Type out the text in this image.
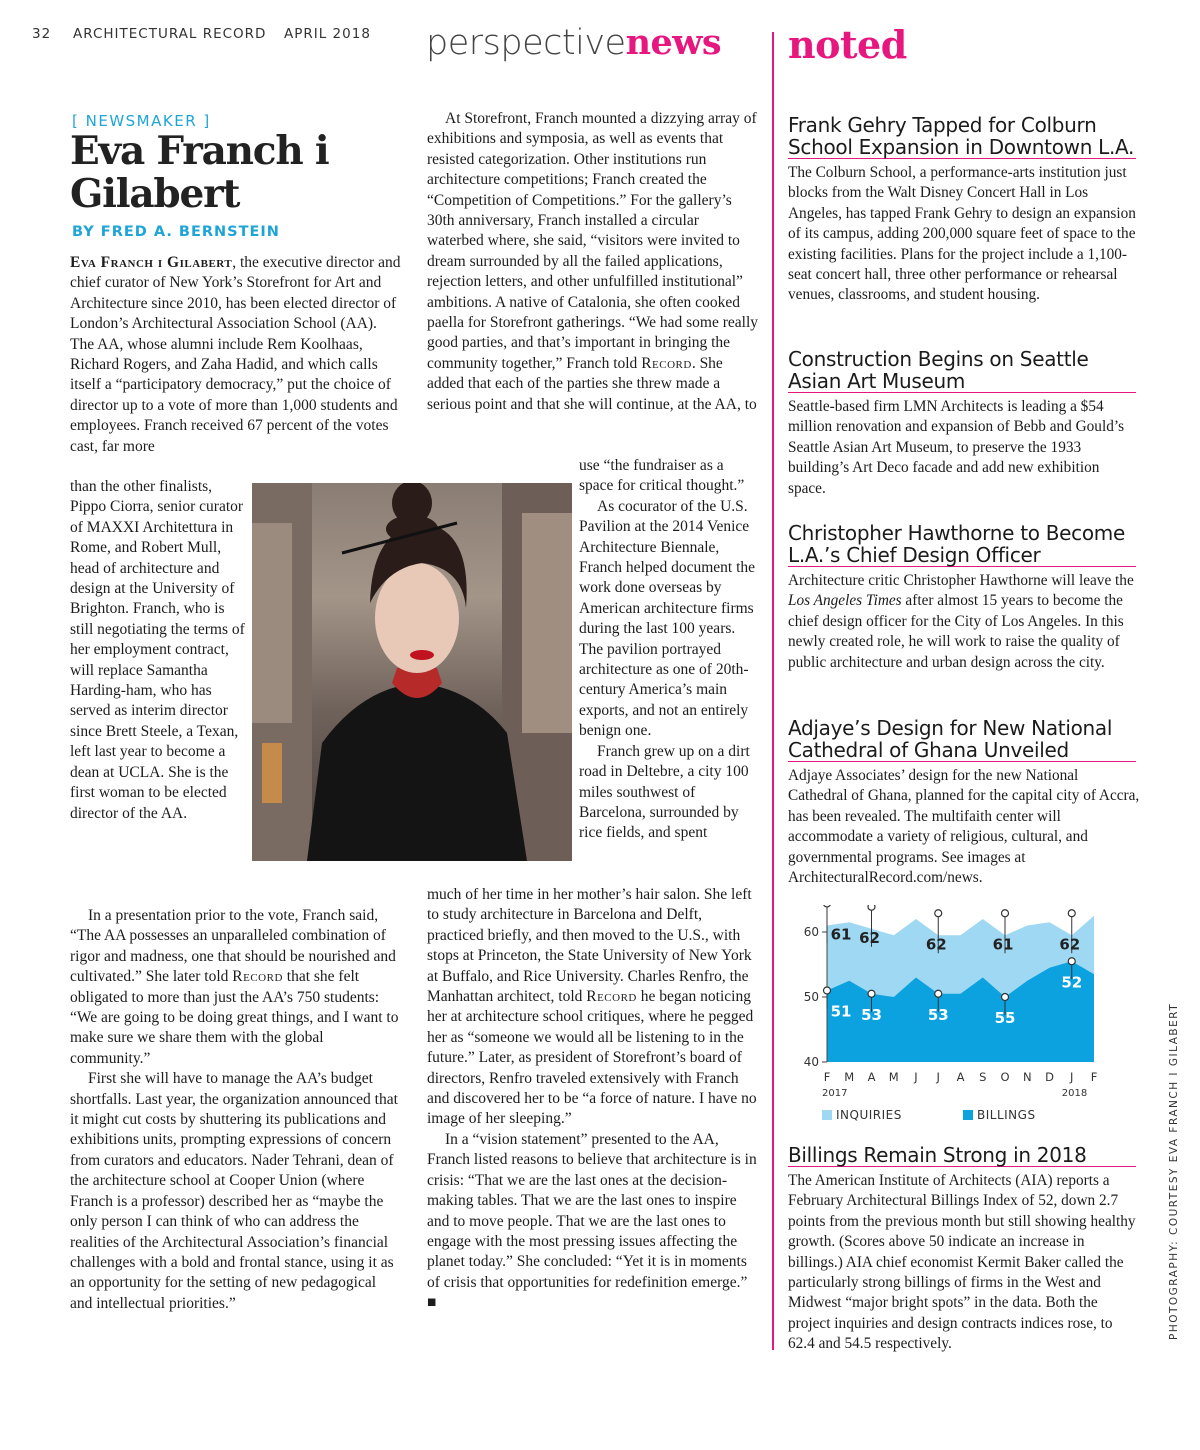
32 ARCHITECTURAL RECORD APRIL 2018 perspectivenews noted
[ NEWSMAKER ]
Eva Franch i Gilabert
BY FRED A. BERNSTEIN

Eva Franch i Gilabert, the executive director and chief curator of New York’s Storefront for Art and Architecture since 2010, has been elected director of London’s Architectural Association School (AA). The AA, whose alumni include Rem Koolhaas, Richard Rogers, and Zaha Hadid, and which calls itself a “participatory democracy,” put the choice of director up to a vote of more than 1,000 students and employees. Franch received 67 percent of the votes cast, far more

than the other finalists, Pippo Ciorra, senior curator of MAXXI Architettura in Rome, and Robert Mull, head of architecture and design at the University of Brighton. Franch, who is still negotiating the terms of her employment contract, will replace Samantha Harding-ham, who has served as interim director since Brett Steele, a Texan, left last year to become a dean at UCLA. She is the first woman to be elected director of the AA.

In a presentation prior to the vote, Franch said, “The AA possesses an unparalleled combination of rigor and madness, one that should be nourished and cultivated.” She later told Record that she felt obligated to more than just the AA’s 750 students: “We are going to be doing great things, and I want to make sure we share them with the global community.”

First she will have to manage the AA’s budget shortfalls. Last year, the organization announced that it might cut costs by shuttering its publications and exhibitions units, prompting expressions of concern from curators and educators. Nader Tehrani, dean of the architecture school at Cooper Union (where Franch is a professor) described her as “maybe the only person I can think of who can address the realities of the Architectural Association’s financial challenges with a bold and frontal stance, using it as an opportunity for the setting of new pedagogical and intellectual priorities.”

At Storefront, Franch mounted a dizzying array of exhibitions and symposia, as well as events that resisted categorization. Other institutions run architecture competitions; Franch created the “Competition of Competitions.” For the gallery’s 30th anniversary, Franch installed a circular waterbed where, she said, “visitors were invited to dream surrounded by all the failed applications, rejection letters, and other unfulfilled institutional” ambitions. A native of Catalonia, she often cooked paella for Storefront gatherings. “We had some really good parties, and that’s important in bringing the community together,” Franch told Record. She added that each of the parties she threw made a serious point and that she will continue, at the AA, to

use “the fundraiser as a space for critical thought.”

As cocurator of the U.S. Pavilion at the 2014 Venice Architecture Biennale, Franch helped document the work done overseas by American architecture firms during the last 100 years. The pavilion portrayed architecture as one of 20th-century America’s main exports, and not an entirely benign one.

Franch grew up on a dirt road in Deltebre, a city 100 miles southwest of Barcelona, surrounded by rice fields, and spent

much of her time in her mother’s hair salon. She left to study architecture in Barcelona and Delft, practiced briefly, and then moved to the U.S., with stops at Princeton, the State University of New York at Buffalo, and Rice University. Charles Renfro, the Manhattan architect, told Record he began noticing her at architecture school critiques, where he pegged her as “someone we would all be listening to in the future.” Later, as president of Storefront’s board of directors, Renfro traveled extensively with Franch and discovered her to be “a force of nature. I have no image of her sleeping.”

In a “vision statement” presented to the AA, Franch listed reasons to believe that architecture is in crisis: “That we are the last ones at the decision-making tables. That we are the last ones to inspire and to move people. That we are the last ones to engage with the most pressing issues affecting the planet today.” She concluded: “Yet it is in moments of crisis that opportunities for redefinition emerge.” ■

Frank Gehry Tapped for Colburn School Expansion in Downtown L.A.

The Colburn School, a performance-arts institution just blocks from the Walt Disney Concert Hall in Los Angeles, has tapped Frank Gehry to design an expansion of its campus, adding 200,000 square feet of space to the existing facilities. Plans for the project include a 1,100-seat concert hall, three other performance or rehearsal venues, classrooms, and student housing.

Construction Begins on Seattle Asian Art Museum

Seattle-based firm LMN Architects is leading a $54 million renovation and expansion of Bebb and Gould’s Seattle Asian Art Museum, to preserve the 1933 building’s Art Deco facade and add new exhibition space.

Christopher Hawthorne to Become L.A.’s Chief Design Officer

Architecture critic Christopher Hawthorne will leave the Los Angeles Times after almost 15 years to become the chief design officer for the City of Los Angeles. In this newly created role, he will work to raise the quality of public architecture and urban design across the city.

Adjaye’s Design for New National Cathedral of Ghana Unveiled

Adjaye Associates’ design for the new National Cathedral of Ghana, planned for the capital city of Accra, has been revealed. The multifaith center will accommodate a variety of religious, cultural, and governmental programs. See images at ArchitecturalRecord.com/news.

40
50
60
F M A M J J A S O N D J F
2017	2018
61 62	62	61	62
51 53	53	55
52
INQUIRIES	BILLINGS
Billings Remain Strong in 2018

The American Institute of Architects (AIA) reports a February Architectural Billings Index of 52, down 2.7 points from the previous month but still showing healthy growth. (Scores above 50 indicate an increase in billings.) AIA chief economist Kermit Baker called the particularly strong billings of firms in the West and Midwest “major bright spots” in the data. Both the project inquiries and design contracts indices rose, to 62.4 and 54.5 respectively.

PHOTOGRAPHY: COURTESY EVA FRANCH I GILABERT
